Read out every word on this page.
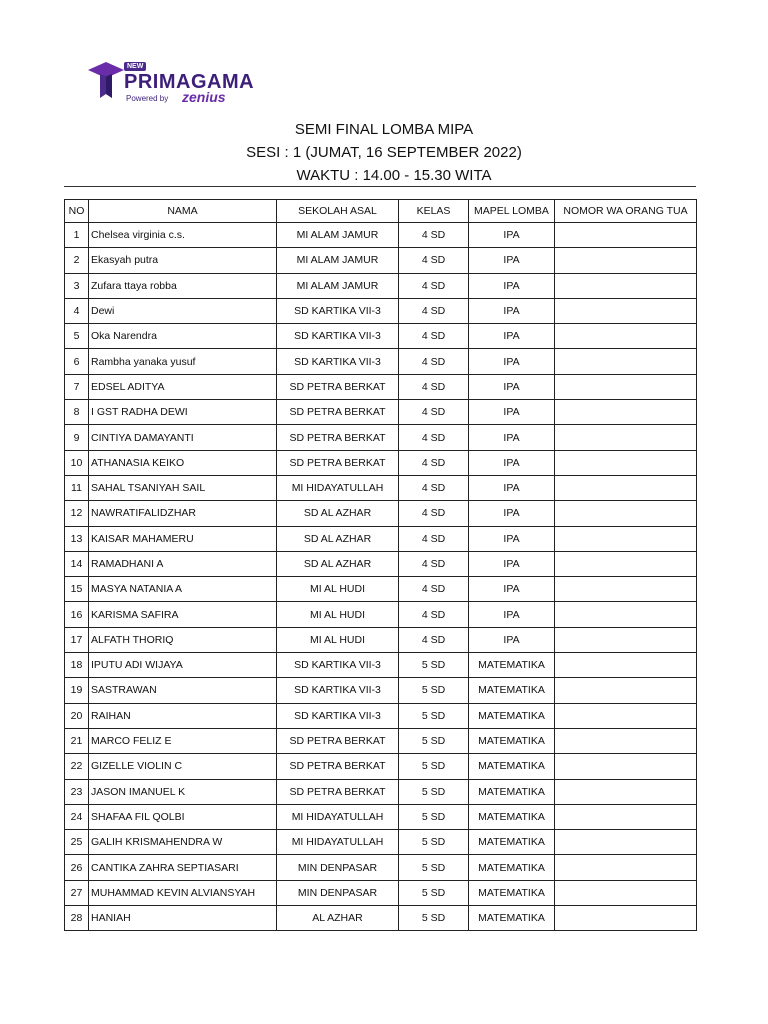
NEW
PRIMAGAMA
Powered by zenius
SEMI FINAL LOMBA MIPA
SESI : 1 (JUMAT, 16 SEPTEMBER 2022)
WAKTU : 14.00 - 15.30 WITA
NO	NAMA	SEKOLAH ASAL	KELAS	MAPEL LOMBA	NOMOR WA ORANG TUA
1	Chelsea virginia c.s.	MI ALAM JAMUR	4 SD	IPA	
2	Ekasyah putra	MI ALAM JAMUR	4 SD	IPA	
3	Zufara ttaya robba	MI ALAM JAMUR	4 SD	IPA	
4	Dewi	SD KARTIKA VII-3	4 SD	IPA	
5	Oka Narendra	SD KARTIKA VII-3	4 SD	IPA	
6	Rambha yanaka yusuf	SD KARTIKA VII-3	4 SD	IPA	
7	EDSEL ADITYA	SD PETRA BERKAT	4 SD	IPA	
8	I GST RADHA DEWI	SD PETRA BERKAT	4 SD	IPA	
9	CINTIYA DAMAYANTI	SD PETRA BERKAT	4 SD	IPA	
10	ATHANASIA KEIKO	SD PETRA BERKAT	4 SD	IPA	
11	SAHAL TSANIYAH SAIL	MI HIDAYATULLAH	4 SD	IPA	
12	NAWRATIFALIDZHAR	SD AL AZHAR	4 SD	IPA	
13	KAISAR MAHAMERU	SD AL AZHAR	4 SD	IPA	
14	RAMADHANI A	SD AL AZHAR	4 SD	IPA	
15	MASYA NATANIA A	MI AL HUDI	4 SD	IPA	
16	KARISMA SAFIRA	MI AL HUDI	4 SD	IPA	
17	ALFATH THORIQ	MI AL HUDI	4 SD	IPA	
18	IPUTU ADI WIJAYA	SD KARTIKA VII-3	5 SD	MATEMATIKA	
19	SASTRAWAN	SD KARTIKA VII-3	5 SD	MATEMATIKA	
20	RAIHAN	SD KARTIKA VII-3	5 SD	MATEMATIKA	
21	MARCO FELIZ E	SD PETRA BERKAT	5 SD	MATEMATIKA	
22	GIZELLE VIOLIN C	SD PETRA BERKAT	5 SD	MATEMATIKA	
23	JASON IMANUEL K	SD PETRA BERKAT	5 SD	MATEMATIKA	
24	SHAFAA FIL QOLBI	MI HIDAYATULLAH	5 SD	MATEMATIKA	
25	GALIH KRISMAHENDRA W	MI HIDAYATULLAH	5 SD	MATEMATIKA	
26	CANTIKA ZAHRA SEPTIASARI	MIN DENPASAR	5 SD	MATEMATIKA	
27	MUHAMMAD KEVIN ALVIANSYAH	MIN DENPASAR	5 SD	MATEMATIKA	
28	HANIAH	AL AZHAR	5 SD	MATEMATIKA	
